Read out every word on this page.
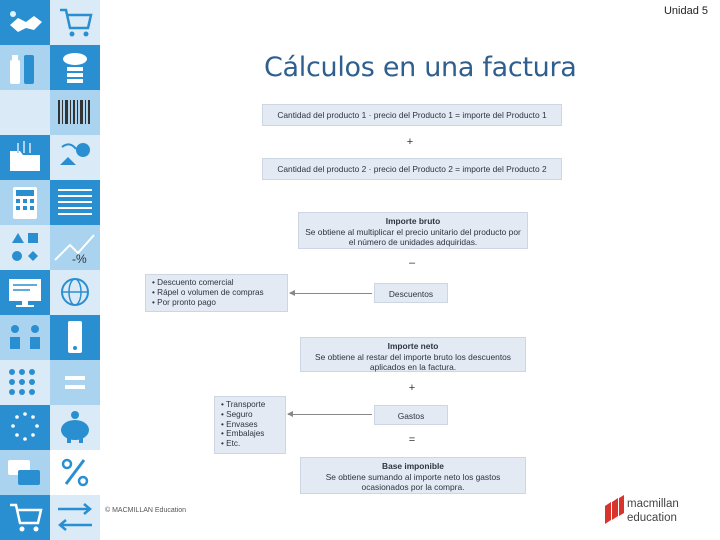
-%
Unidad 5
Cálculos en una factura
Cantidad del producto 1 · precio del Producto 1 = importe del Producto 1
+
Cantidad del producto 2 · precio del Producto 2 = importe del Producto 2
Importe bruto
Se obtiene al multiplicar el precio unitario del producto por el número de unidades adquiridas.
–
Descuentos
• Descuento comercial
• Rápel o volumen de compras
• Por pronto pago
Importe neto
Se obtiene al restar del importe bruto los descuentos aplicados en la factura.
+
Gastos
• Transporte
• Seguro
• Envases
• Embalajes
• Etc.	=
Base imponible
Se obtiene sumando al importe neto los gastos ocasionados por la compra.
© MACMILLAN Education
macmillan
education
